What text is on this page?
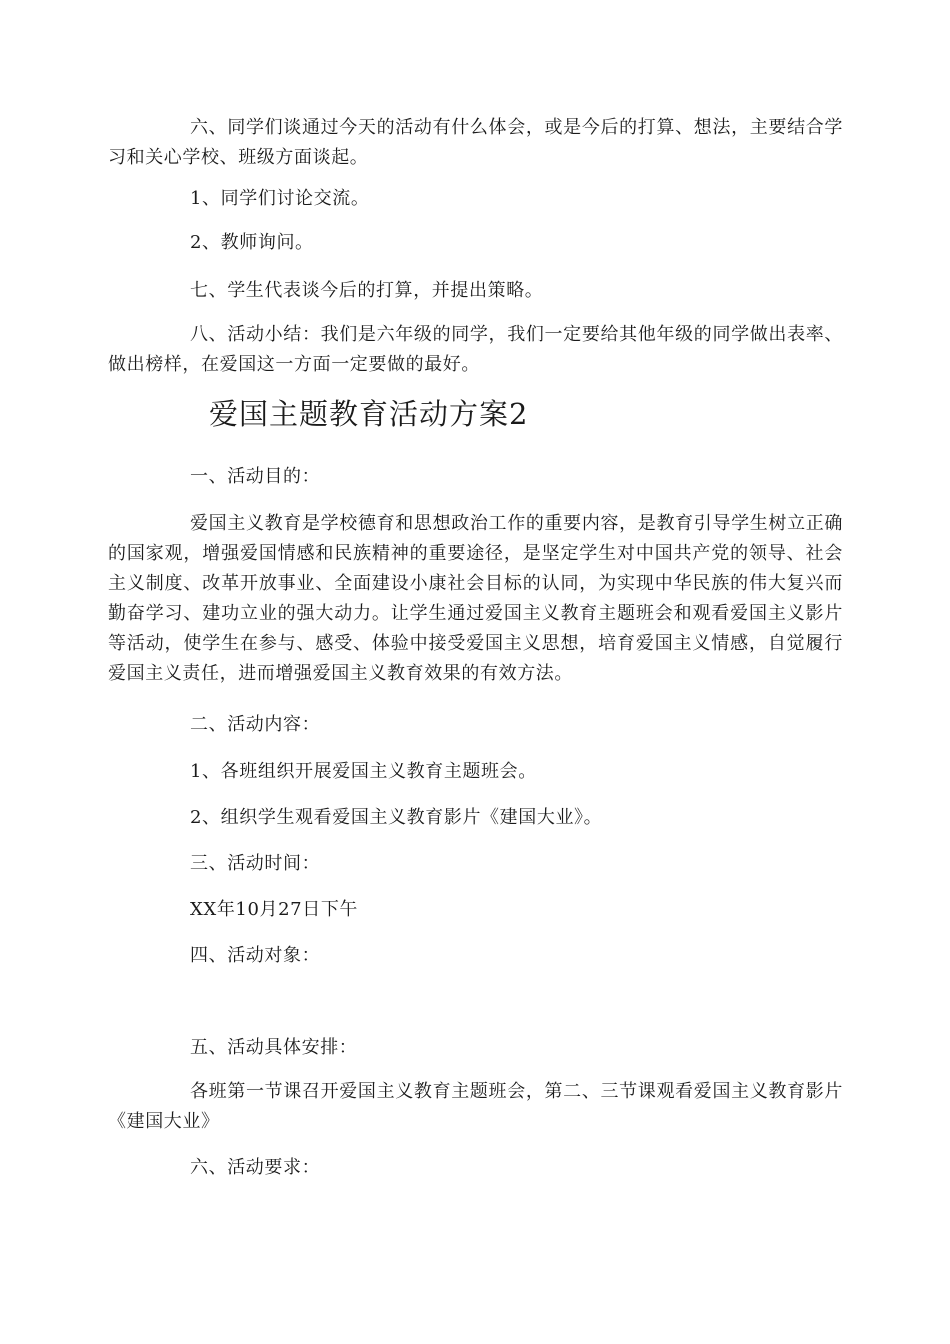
六、同学们谈通过今天的活动有什么体会，或是今后的打算、想法，主要结合学习和关心学校、班级方面谈起。

1、同学们讨论交流。

2、教师询问。

七、学生代表谈今后的打算，并提出策略。

八、活动小结：我们是六年级的同学，我们一定要给其他年级的同学做出表率、做出榜样，在爱国这一方面一定要做的最好。

爱国主题教育活动方案2

一、活动目的：

爱国主义教育是学校德育和思想政治工作的重要内容，是教育引导学生树立正确的国家观，增强爱国情感和民族精神的重要途径，是坚定学生对中国共产党的领导、社会主义制度、改革开放事业、全面建设小康社会目标的认同，为实现中华民族的伟大复兴而勤奋学习、建功立业的强大动力。让学生通过爱国主义教育主题班会和观看爱国主义影片等活动，使学生在参与、感受、体验中接受爱国主义思想，培育爱国主义情感，自觉履行爱国主义责任，进而增强爱国主义教育效果的有效方法。

二、活动内容：

1、各班组织开展爱国主义教育主题班会。

2、组织学生观看爱国主义教育影片《建国大业》。

三、活动时间：

XX年10月27日下午

四、活动对象：

五、活动具体安排：

各班第一节课召开爱国主义教育主题班会，第二、三节课观看爱国主义教育影片《建国大业》

六、活动要求：
